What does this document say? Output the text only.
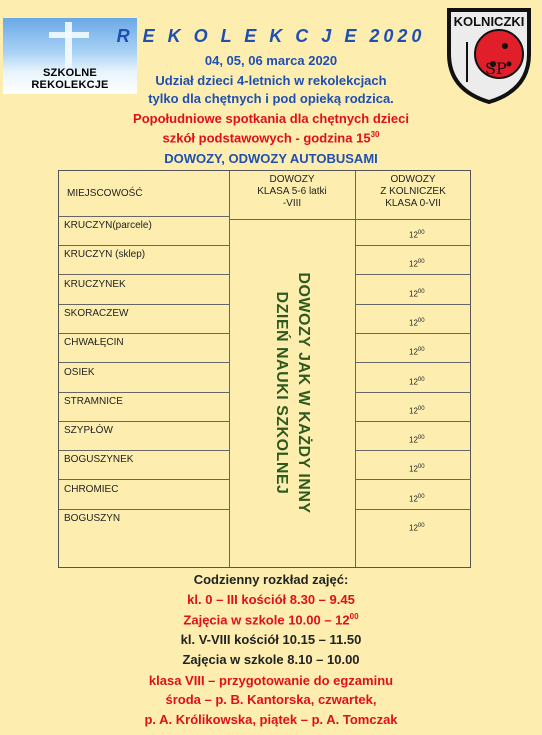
SZKOLNE REKOLEKCJE
SP
KOLNICZKI
R E K O L E K C J E 2020
04, 05, 06 marca 2020
Udział dzieci 4-letnich w rekolekcjach
tylko dla chętnych i pod opieką rodzica.
Popołudniowe spotkania dla chętnych dzieci
szkół podstawowych - godzina $15^{30}$
DOWOZY, ODWOZY AUTOBUSAMI
MIEJSCOWOŚĆ
KRUCZYN(parcele)
KRUCZYN (sklep)
KRUCZYNEK
SKORACZEW
CHWAŁĘCIN
OSIEK
STRAMNICE
SZYPŁÓW
BOGUSZYNEK
CHROMIEC
BOGUSZYN
DOWOZY
KLASA 5-6 latki
-VIII
DOWOZY JAK W KAŻDY INNY
DZIEŃ NAUKI SZKOLNEJ
ODWOZY
Z KOLNICZEK
KLASA 0-VII
$12^{00}$
$12^{00}$
$12^{00}$
$12^{00}$
$12^{00}$
$12^{00}$
$12^{00}$
$12^{00}$
$12^{00}$
$12^{00}$
$12^{00}$
Codzienny rozkład zajęć:
kl. 0 – III kościół 8.30 – 9.45
Zajęcia w szkole $10.00 - 12^{00}$
kl. V-VIII kościół 10.15 – 11.50
Zajęcia w szkole 8.10 – 10.00
klasa VIII – przygotowanie do egzaminu
środa – p. B. Kantorska, czwartek,
p. A. Królikowska, piątek – p. A. Tomczak
